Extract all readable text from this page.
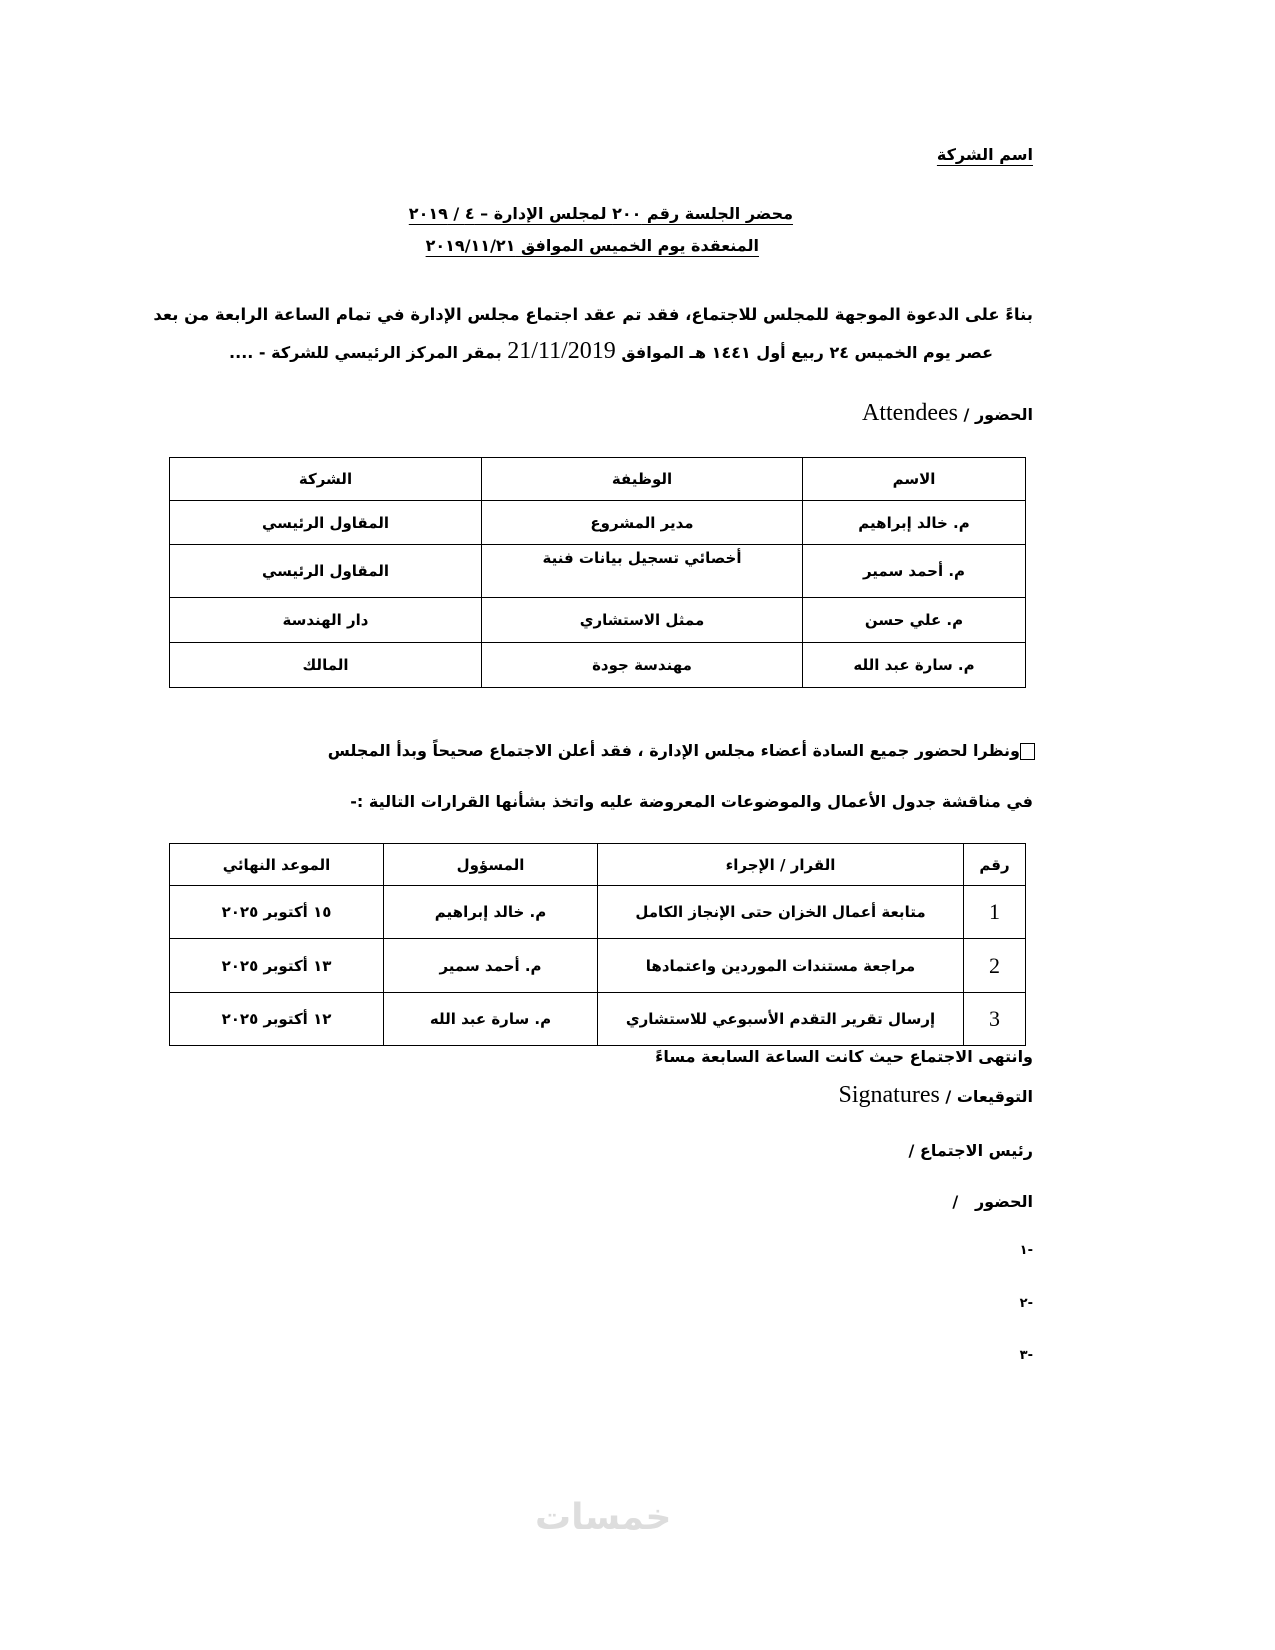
اسم الشركة
محضر الجلسة رقم ٢٠٠ لمجلس الإدارة – ٤ / ٢٠١٩
المنعقدة يوم الخميس الموافق ٢٠١٩/١١/٢١
بناءً على الدعوة الموجهة للمجلس للاجتماع، فقد تم عقد اجتماع مجلس الإدارة في تمام الساعة الرابعة من بعد
عصر يوم الخميس ٢٤ ربيع أول ١٤٤١ هـ الموافق 21/11/2019 بمقر المركز الرئيسي للشركة - ....
الحضور / Attendees
الاسم	الوظيفة	الشركة
م. خالد إبراهيم	مدير المشروع	المقاول الرئيسي
م. أحمد سمير	أخصائي تسجيل بيانات فنية	المقاول الرئيسي
م. علي حسن	ممثل الاستشاري	دار الهندسة
م. سارة عبد الله	مهندسة جودة	المالك
ونظرا لحضور جميع السادة أعضاء مجلس الإدارة ، فقد أعلن الاجتماع صحيحاً وبدأ المجلس
في مناقشة جدول الأعمال والموضوعات المعروضة عليه واتخذ بشأنها القرارات التالية :-
رقم	القرار / الإجراء	المسؤول	الموعد النهائي
1	متابعة أعمال الخزان حتى الإنجاز الكامل	م. خالد إبراهيم	١٥ أكتوبر ٢٠٢٥
2	مراجعة مستندات الموردين واعتمادها	م. أحمد سمير	١٣ أكتوبر ٢٠٢٥
3	إرسال تقرير التقدم الأسبوعي للاستشاري	م. سارة عبد الله	١٢ أكتوبر ٢٠٢٥
وانتهى الاجتماع حيث كانت الساعة السابعة مساءً
التوقيعات / Signatures
رئيس الاجتماع /
الحضور   /
-١
-٢
-٣
خمسات
